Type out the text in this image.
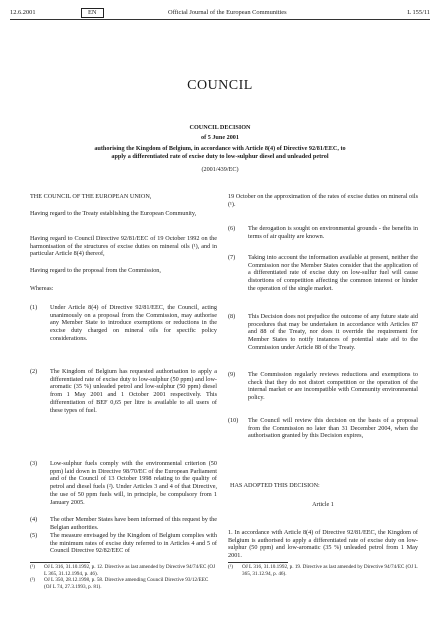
12.6.2001	EN	Official Journal of the European Communities	L 155/11
COUNCIL
COUNCIL DECISION
of 5 June 2001
authorising the Kingdom of Belgium, in accordance with Article 8(4) of Directive 92/81/EEC, to
apply a differentiated rate of excise duty to low-sulphur diesel and unleaded petrol
(2001/439/EC)
THE COUNCIL OF THE EUROPEAN UNION,
Having regard to the Treaty establishing the European Community,
Having regard to Council Directive 92/81/EEC of 19 October 1992 on the harmonisation of the structures of excise duties on mineral oils (¹), and in particular Article 8(4) thereof,
Having regard to the proposal from the Commission,
Whereas:
(1) Under Article 8(4) of Directive 92/81/EEC, the Council, acting unanimously on a proposal from the Commission, may authorise any Member State to introduce exemptions or reductions in the excise duty charged on mineral oils for specific policy considerations.
(2) The Kingdom of Belgium has requested authorisation to apply a differentiated rate of excise duty to low-sulphur (50 ppm) and low-aromatic (35 %) unleaded petrol and low-sulphur (50 ppm) diesel from 1 May 2001 and 1 October 2001 respectively. This differentiation of BEF 0,65 per litre is available to all users of these types of fuel.
(3) Low-sulphur fuels comply with the environmental criterion (50 ppm) laid down in Directive 98/70/EC of the European Parliament and of the Council of 13 October 1998 relating to the quality of petrol and diesel fuels (²). Under Articles 3 and 4 of that Directive, the use of 50 ppm fuels will, in principle, be compulsory from 1 January 2005.
(4) The other Member States have been informed of this request by the Belgian authorities.
(5) The measure envisaged by the Kingdom of Belgium complies with the minimum rates of excise duty referred to in Articles 4 and 5 of Council Directive 92/82/EEC of

(¹) OJ L 316, 31.10.1992, p. 12. Directive as last amended by Directive 94/74/EC (OJ L 365, 31.12.1994, p. 46).

(²) OJ L 350, 28.12.1998, p. 58. Directive amending Council Directive 93/12/EEC (OJ L 74, 27.3.1993, p. 81).

19 October on the approximation of the rates of excise duties on mineral oils (¹).
(6) The derogation is sought on environmental grounds - the benefits in terms of air quality are known.
(7) Taking into account the information available at present, neither the Commission nor the Member States consider that the application of a differentiated rate of excise duty on low-sulfur fuel will cause distortions of competition affecting the common interest or hinder the operation of the single market.
(8) This Decision does not prejudice the outcome of any future state aid procedures that may be undertaken in accordance with Articles 87 and 88 of the Treaty, nor does it override the requirement for Member States to notify instances of potential state aid to the Commission under Article 88 of the Treaty.
(9) The Commission regularly reviews reductions and exemptions to check that they do not distort competition or the operation of the internal market or are incompatible with Community environmental policy.
(10) The Council will review this decision on the basis of a proposal from the Commission no later than 31 December 2004, when the authorisation granted by this Decision expires,
HAS ADOPTED THIS DECISION:
Article 1
1. In accordance with Article 8(4) of Directive 92/81/EEC, the Kingdom of Belgium is authorised to apply a differentiated rate of excise duty on low-sulphur (50 ppm) and low-aromatic (35 %) unleaded petrol from 1 May 2001.

(¹) OJ L 316, 31.10.1992, p. 19. Directive as last amended by Directive 94/74/EC (OJ L 365, 31.12.94, p. 46).
